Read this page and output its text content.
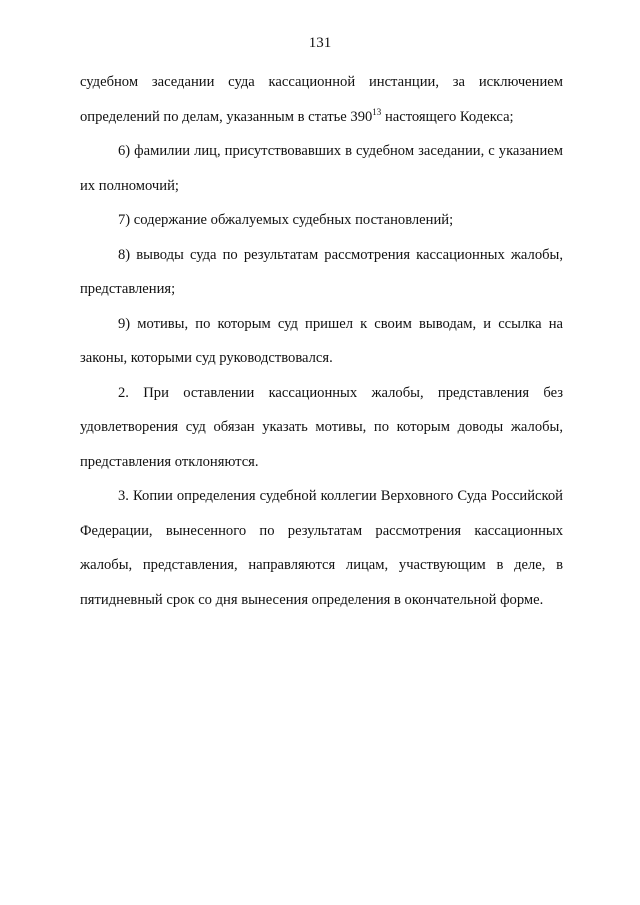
131

судебном заседании суда кассационной инстанции, за исключением определений по делам, указанным в статье $390^{13}$ настоящего Кодекса;

6) фамилии лиц, присутствовавших в судебном заседании, с указанием их полномочий;

7) содержание обжалуемых судебных постановлений;

8) выводы суда по результатам рассмотрения кассационных жалобы, представления;

9) мотивы, по которым суд пришел к своим выводам, и ссылка на законы, которыми суд руководствовался.

2. При оставлении кассационных жалобы, представления без удовлетворения суд обязан указать мотивы, по которым доводы жалобы, представления отклоняются.

3. Копии определения судебной коллегии Верховного Суда Российской Федерации, вынесенного по результатам рассмотрения кассационных жалобы, представления, направляются лицам, участвующим в деле, в пятидневный срок со дня вынесения определения в окончательной форме.
